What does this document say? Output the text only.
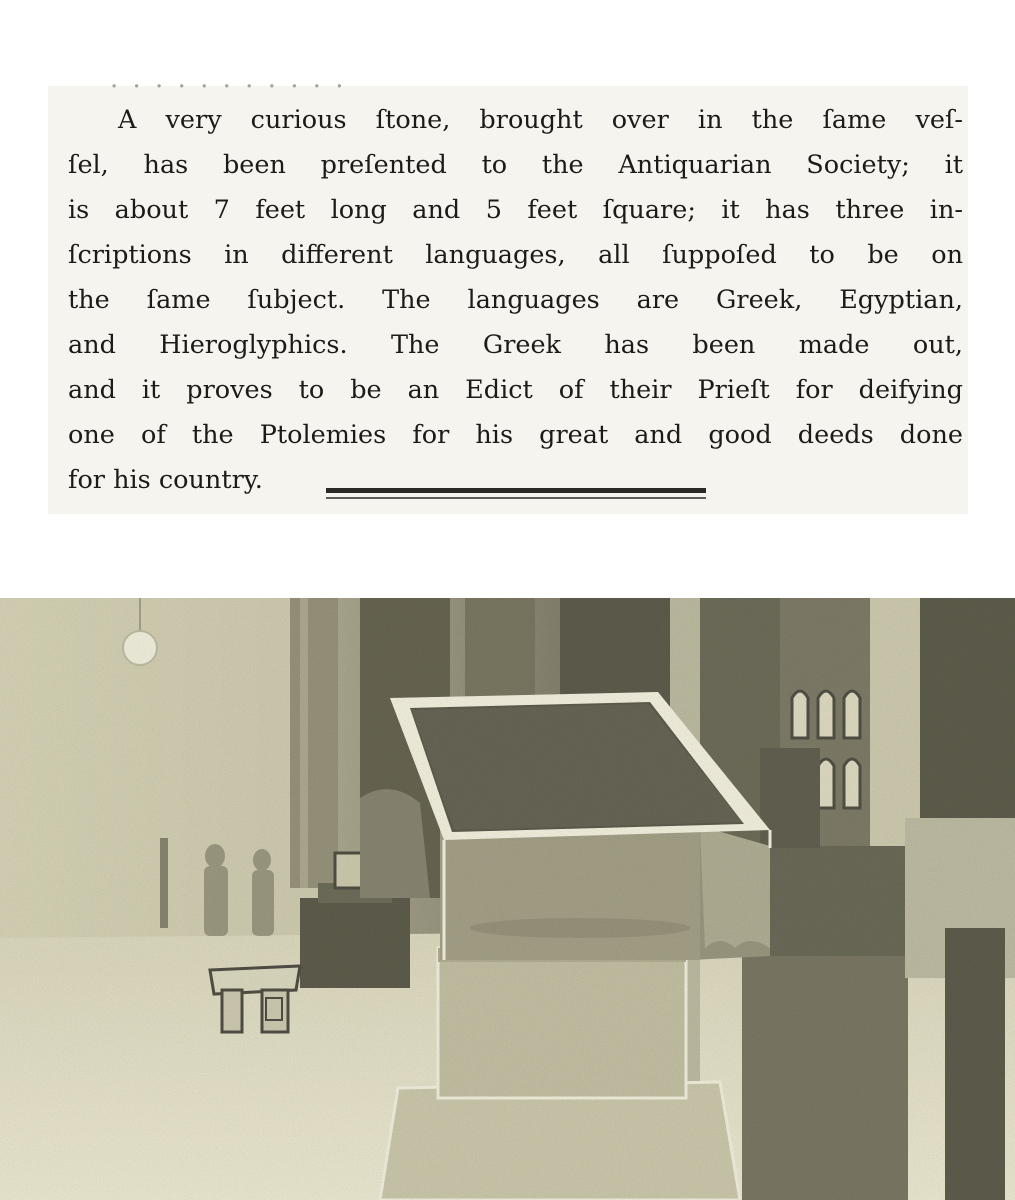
· · · · · · · · · · ·
A very curious ſtone, brought over in the ſame veſ-
ſel, has been preſented to the Antiquarian Society; it
is about 7 feet long and 5 feet ſquare; it has three in-
ſcriptions in different languages, all ſuppoſed to be on
the ſame ſubject. The languages are Greek, Egyptian,
and Hieroglyphics. The Greek has been made out,
and it proves to be an Edict of their Prieſt for deifying
one of the Ptolemies for his great and good deeds done
for his country.
